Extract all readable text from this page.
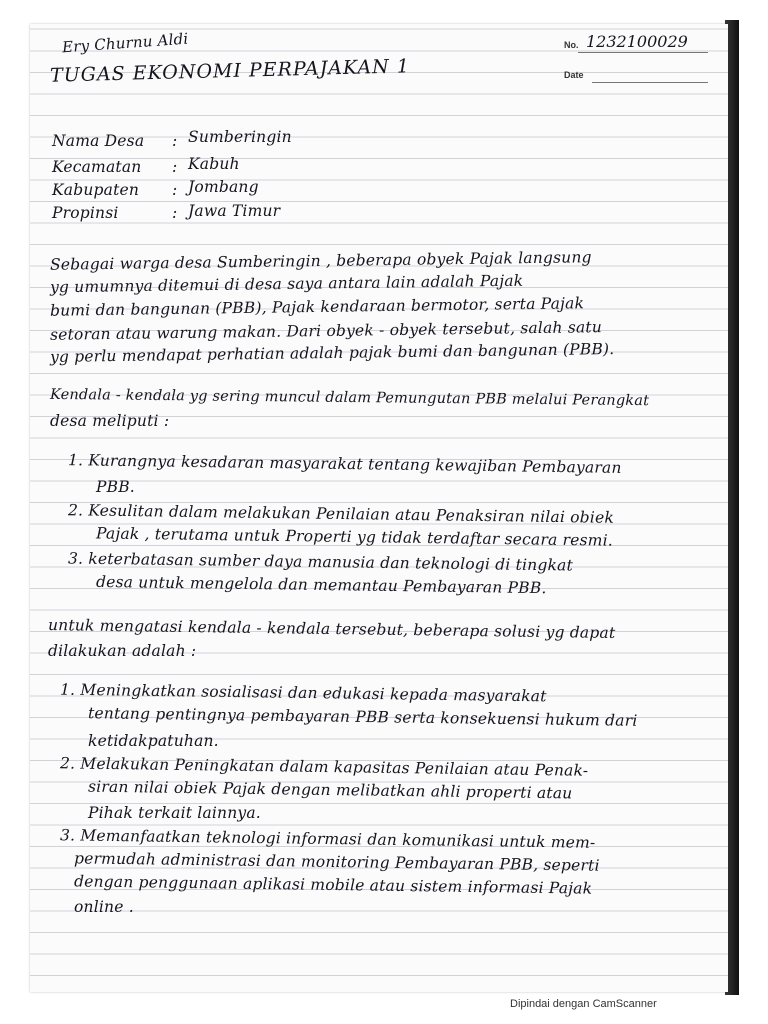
Ery Churnu Aldi
TUGAS EKONOMI PERPAJAKAN 1
No. 1232100029
Date
Nama Desa : Sumberingin
Kecamatan : Kabuh
Kabupaten : Jombang
Propinsi	: Jawa Timur
Sebagai warga desa Sumberingin , beberapa obyek Pajak langsung
yg umumnya ditemui di desa saya antara lain adalah Pajak
bumi dan bangunan (PBB), Pajak kendaraan bermotor, serta Pajak
setoran atau warung makan. Dari obyek - obyek tersebut, salah satu
yg perlu mendapat perhatian adalah pajak bumi dan bangunan (PBB).
Kendala - kendala yg sering muncul dalam Pemungutan PBB melalui Perangkat
desa meliputi :
1. Kurangnya kesadaran masyarakat tentang kewajiban Pembayaran
PBB.
2. Kesulitan dalam melakukan Penilaian atau Penaksiran nilai obiek
Pajak , terutama untuk Properti yg tidak terdaftar secara resmi.
3. keterbatasan sumber daya manusia dan teknologi di tingkat
desa untuk mengelola dan memantau Pembayaran PBB.
untuk mengatasi kendala - kendala tersebut, beberapa solusi yg dapat
dilakukan adalah :
1. Meningkatkan sosialisasi dan edukasi kepada masyarakat
tentang pentingnya pembayaran PBB serta konsekuensi hukum dari
ketidakpatuhan.
2. Melakukan Peningkatan dalam kapasitas Penilaian atau Penak-
siran nilai obiek Pajak dengan melibatkan ahli properti atau
Pihak terkait lainnya.
3. Memanfaatkan teknologi informasi dan komunikasi untuk mem-
permudah administrasi dan monitoring Pembayaran PBB, seperti
dengan penggunaan aplikasi mobile atau sistem informasi Pajak
online .
Dipindai dengan CamScanner
